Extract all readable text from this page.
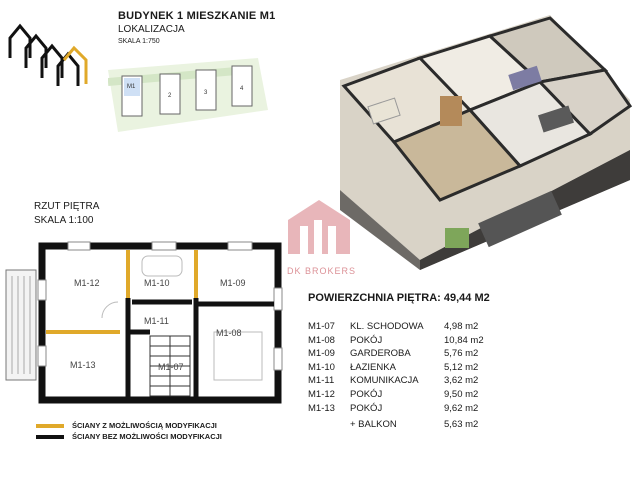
BUDYNEK 1 MIESZKANIE M1
LOKALIZACJA
SKALA 1:750
M1
2	3
4
DK BROKERS
RZUT PIĘTRA
SKALA 1:100
M1-12	M1-10	M1-09
M1-11
M1-08
M1-13	M1-07
POWIERZCHNIA PIĘTRA: 49,44 M2
M1-07	KL. SCHODOWA	4,98 m2
M1-08	POKÓJ	10,84 m2
M1-09	GARDEROBA	5,76 m2
M1-10	ŁAZIENKA	5,12 m2
M1-11	KOMUNIKACJA	3,62 m2
M1-12	POKÓJ	9,50 m2
M1-13	POKÓJ	9,62 m2
+ BALKON	5,63 m2
ŚCIANY Z MOŻLIWOŚCIĄ MODYFIKACJI
ŚCIANY BEZ MOŻLIWOŚCI MODYFIKACJI
